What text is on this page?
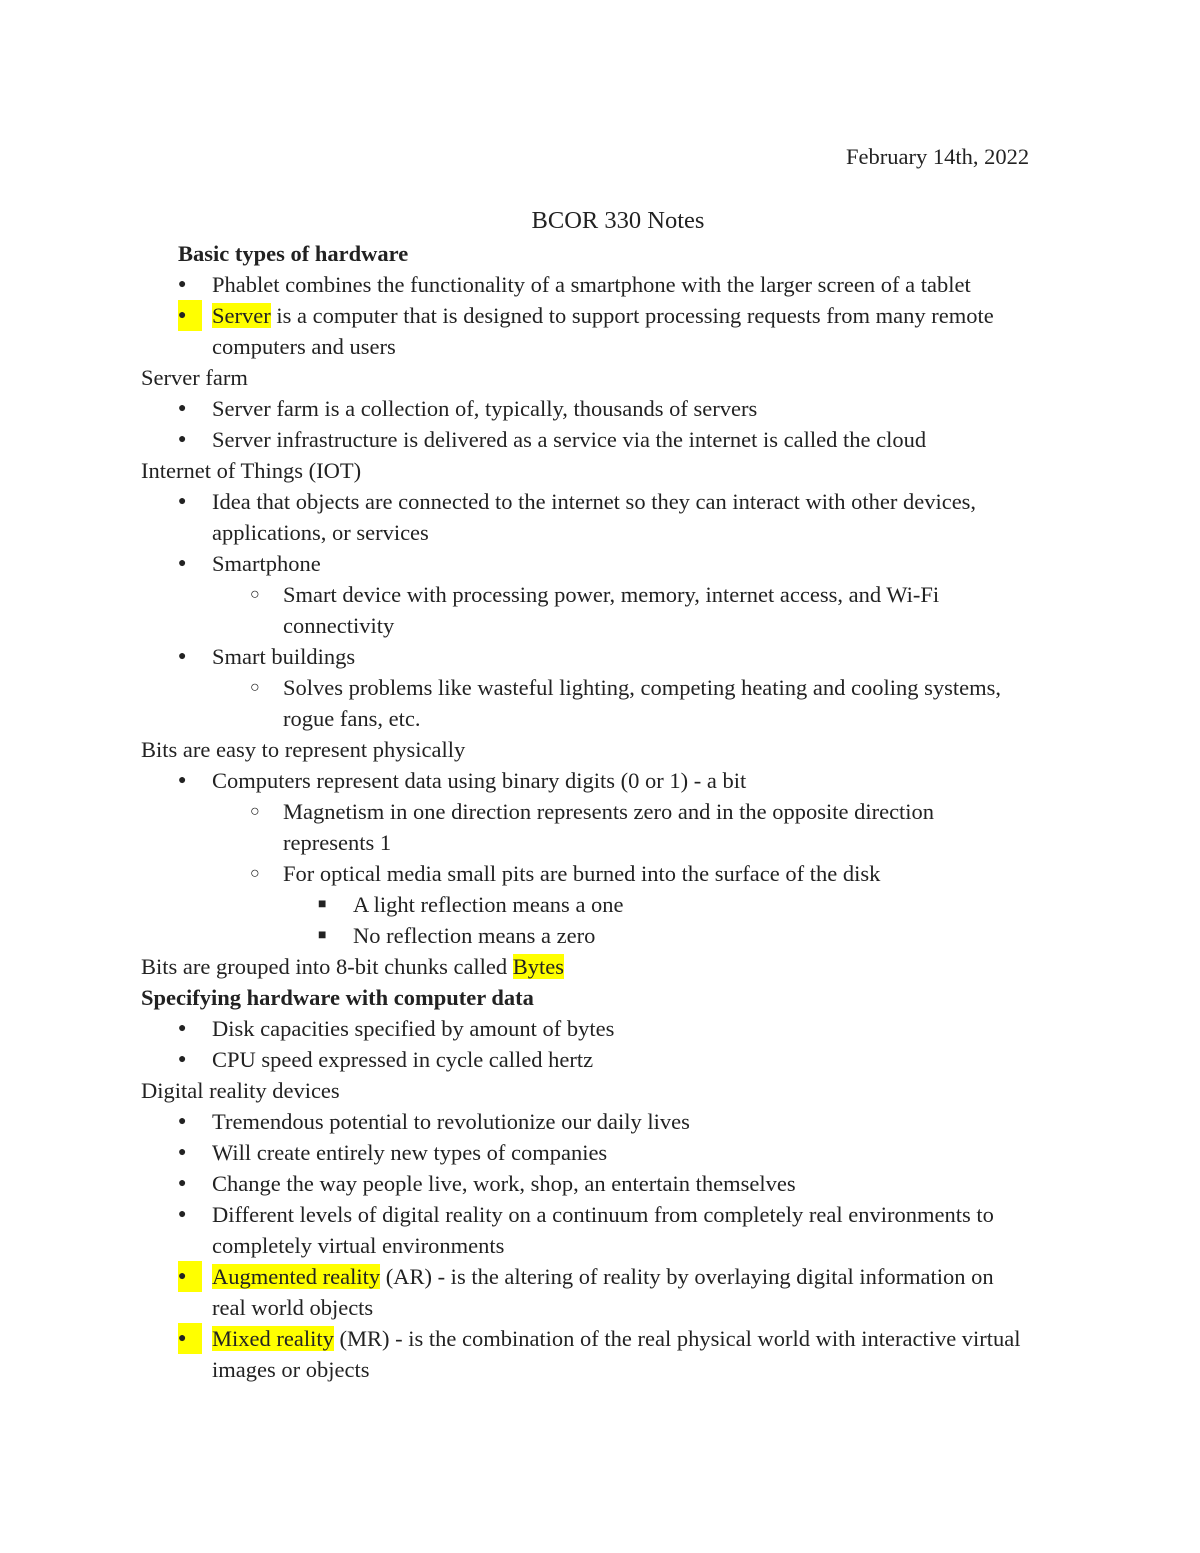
February 14th, 2022
BCOR 330 Notes
Basic types of hardware
● Phablet combines the functionality of a smartphone with the larger screen of a tablet
●	Server is a computer that is designed to support processing requests from many remote
computers and users
Server farm
● Server farm is a collection of, typically, thousands of servers
● Server infrastructure is delivered as a service via the internet is called the cloud
Internet of Things (IOT)
● Idea that objects are connected to the internet so they can interact with other devices,
applications, or services
● Smartphone
○ Smart device with processing power, memory, internet access, and Wi-Fi
connectivity
● Smart buildings
○ Solves problems like wasteful lighting, competing heating and cooling systems,
rogue fans, etc.
Bits are easy to represent physically
● Computers represent data using binary digits (0 or 1) - a bit
○ Magnetism in one direction represents zero and in the opposite direction
represents 1
○ For optical media small pits are burned into the surface of the disk
■ A light reflection means a one
■ No reflection means a zero
Bits are grouped into 8-bit chunks called Bytes
Specifying hardware with computer data
● Disk capacities specified by amount of bytes
● CPU speed expressed in cycle called hertz
Digital reality devices
● Tremendous potential to revolutionize our daily lives
● Will create entirely new types of companies
● Change the way people live, work, shop, an entertain themselves
● Different levels of digital reality on a continuum from completely real environments to
completely virtual environments
●	Augmented reality (AR) - is the altering of reality by overlaying digital information on
real world objects
●	Mixed reality (MR) - is the combination of the real physical world with interactive virtual
images or objects
